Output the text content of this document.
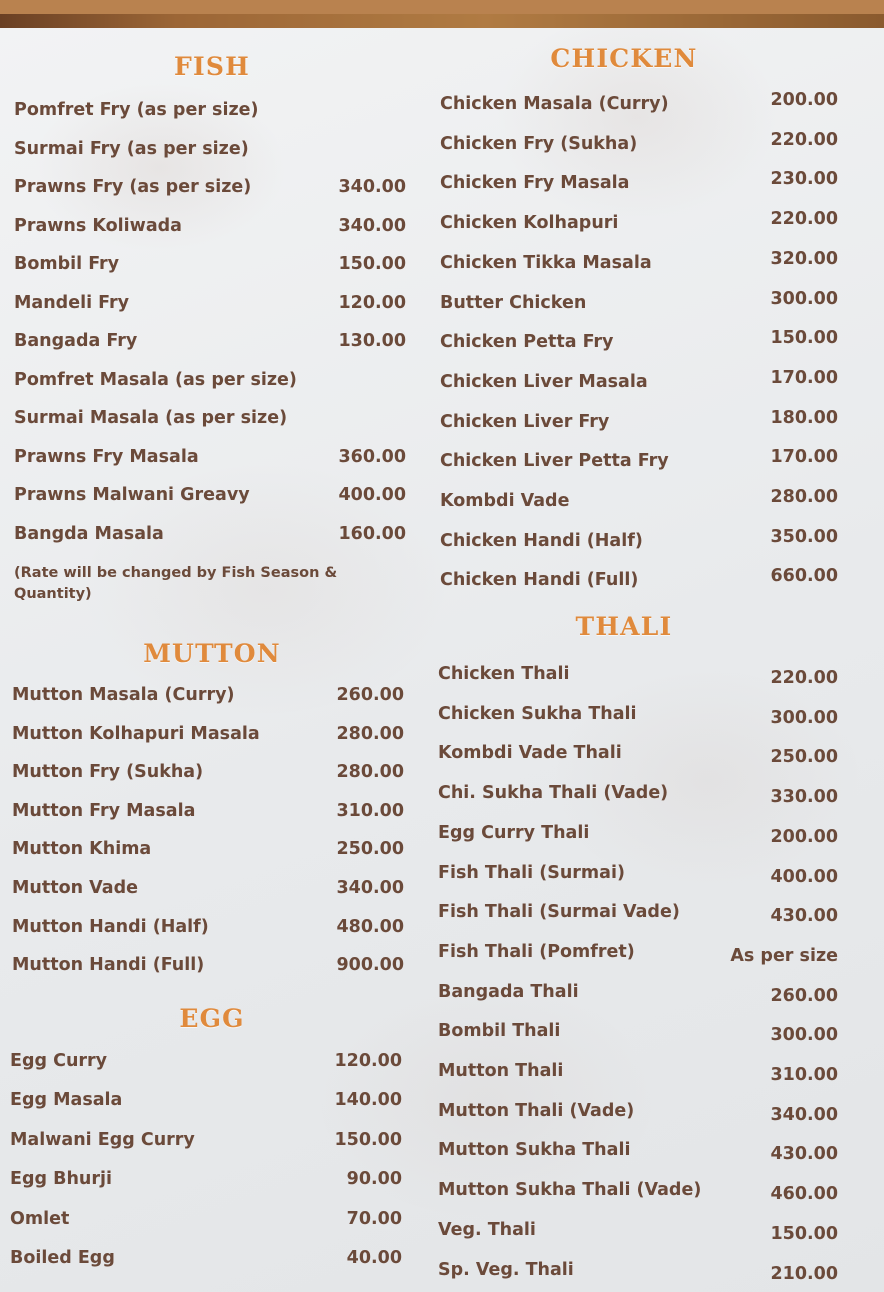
FISH
Pomfret Fry (as per size)
Surmai Fry (as per size)
Prawns Fry (as per size)	340.00
Prawns Koliwada	340.00
Bombil Fry	150.00
Mandeli Fry	120.00
Bangada Fry	130.00
Pomfret Masala (as per size)
Surmai Masala (as per size)
Prawns Fry Masala	360.00
Prawns Malwani Greavy	400.00
Bangda Masala	160.00
(Rate will be changed by Fish Season & Quantity)
MUTTON
Mutton Masala (Curry)	260.00
Mutton Kolhapuri Masala	280.00
Mutton Fry (Sukha)	280.00
Mutton Fry Masala	310.00
Mutton Khima	250.00
Mutton Vade	340.00
Mutton Handi (Half)	480.00
Mutton Handi (Full)	900.00
EGG
Egg Curry	120.00
Egg Masala	140.00
Malwani Egg Curry	150.00
Egg Bhurji	90.00
Omlet	70.00
Boiled Egg	40.00
CHICKEN
Chicken Masala (Curry)	200.00
Chicken Fry (Sukha)	220.00
Chicken Fry Masala	230.00
Chicken Kolhapuri	220.00
Chicken Tikka Masala	320.00
Butter Chicken	300.00
Chicken Petta Fry	150.00
Chicken Liver Masala	170.00
Chicken Liver Fry	180.00
Chicken Liver Petta Fry	170.00
Kombdi Vade	280.00
Chicken Handi (Half)	350.00
Chicken Handi (Full)	660.00
THALI
Chicken Thali	220.00
Chicken Sukha Thali	300.00
Kombdi Vade Thali	250.00
Chi. Sukha Thali (Vade)	330.00
Egg Curry Thali	200.00
Fish Thali (Surmai)	400.00
Fish Thali (Surmai Vade)	430.00
Fish Thali (Pomfret)	As per size
Bangada Thali	260.00
Bombil Thali	300.00
Mutton Thali	310.00
Mutton Thali (Vade)	340.00
Mutton Sukha Thali	430.00
Mutton Sukha Thali (Vade)	460.00
Veg. Thali	150.00
Sp. Veg. Thali	210.00
